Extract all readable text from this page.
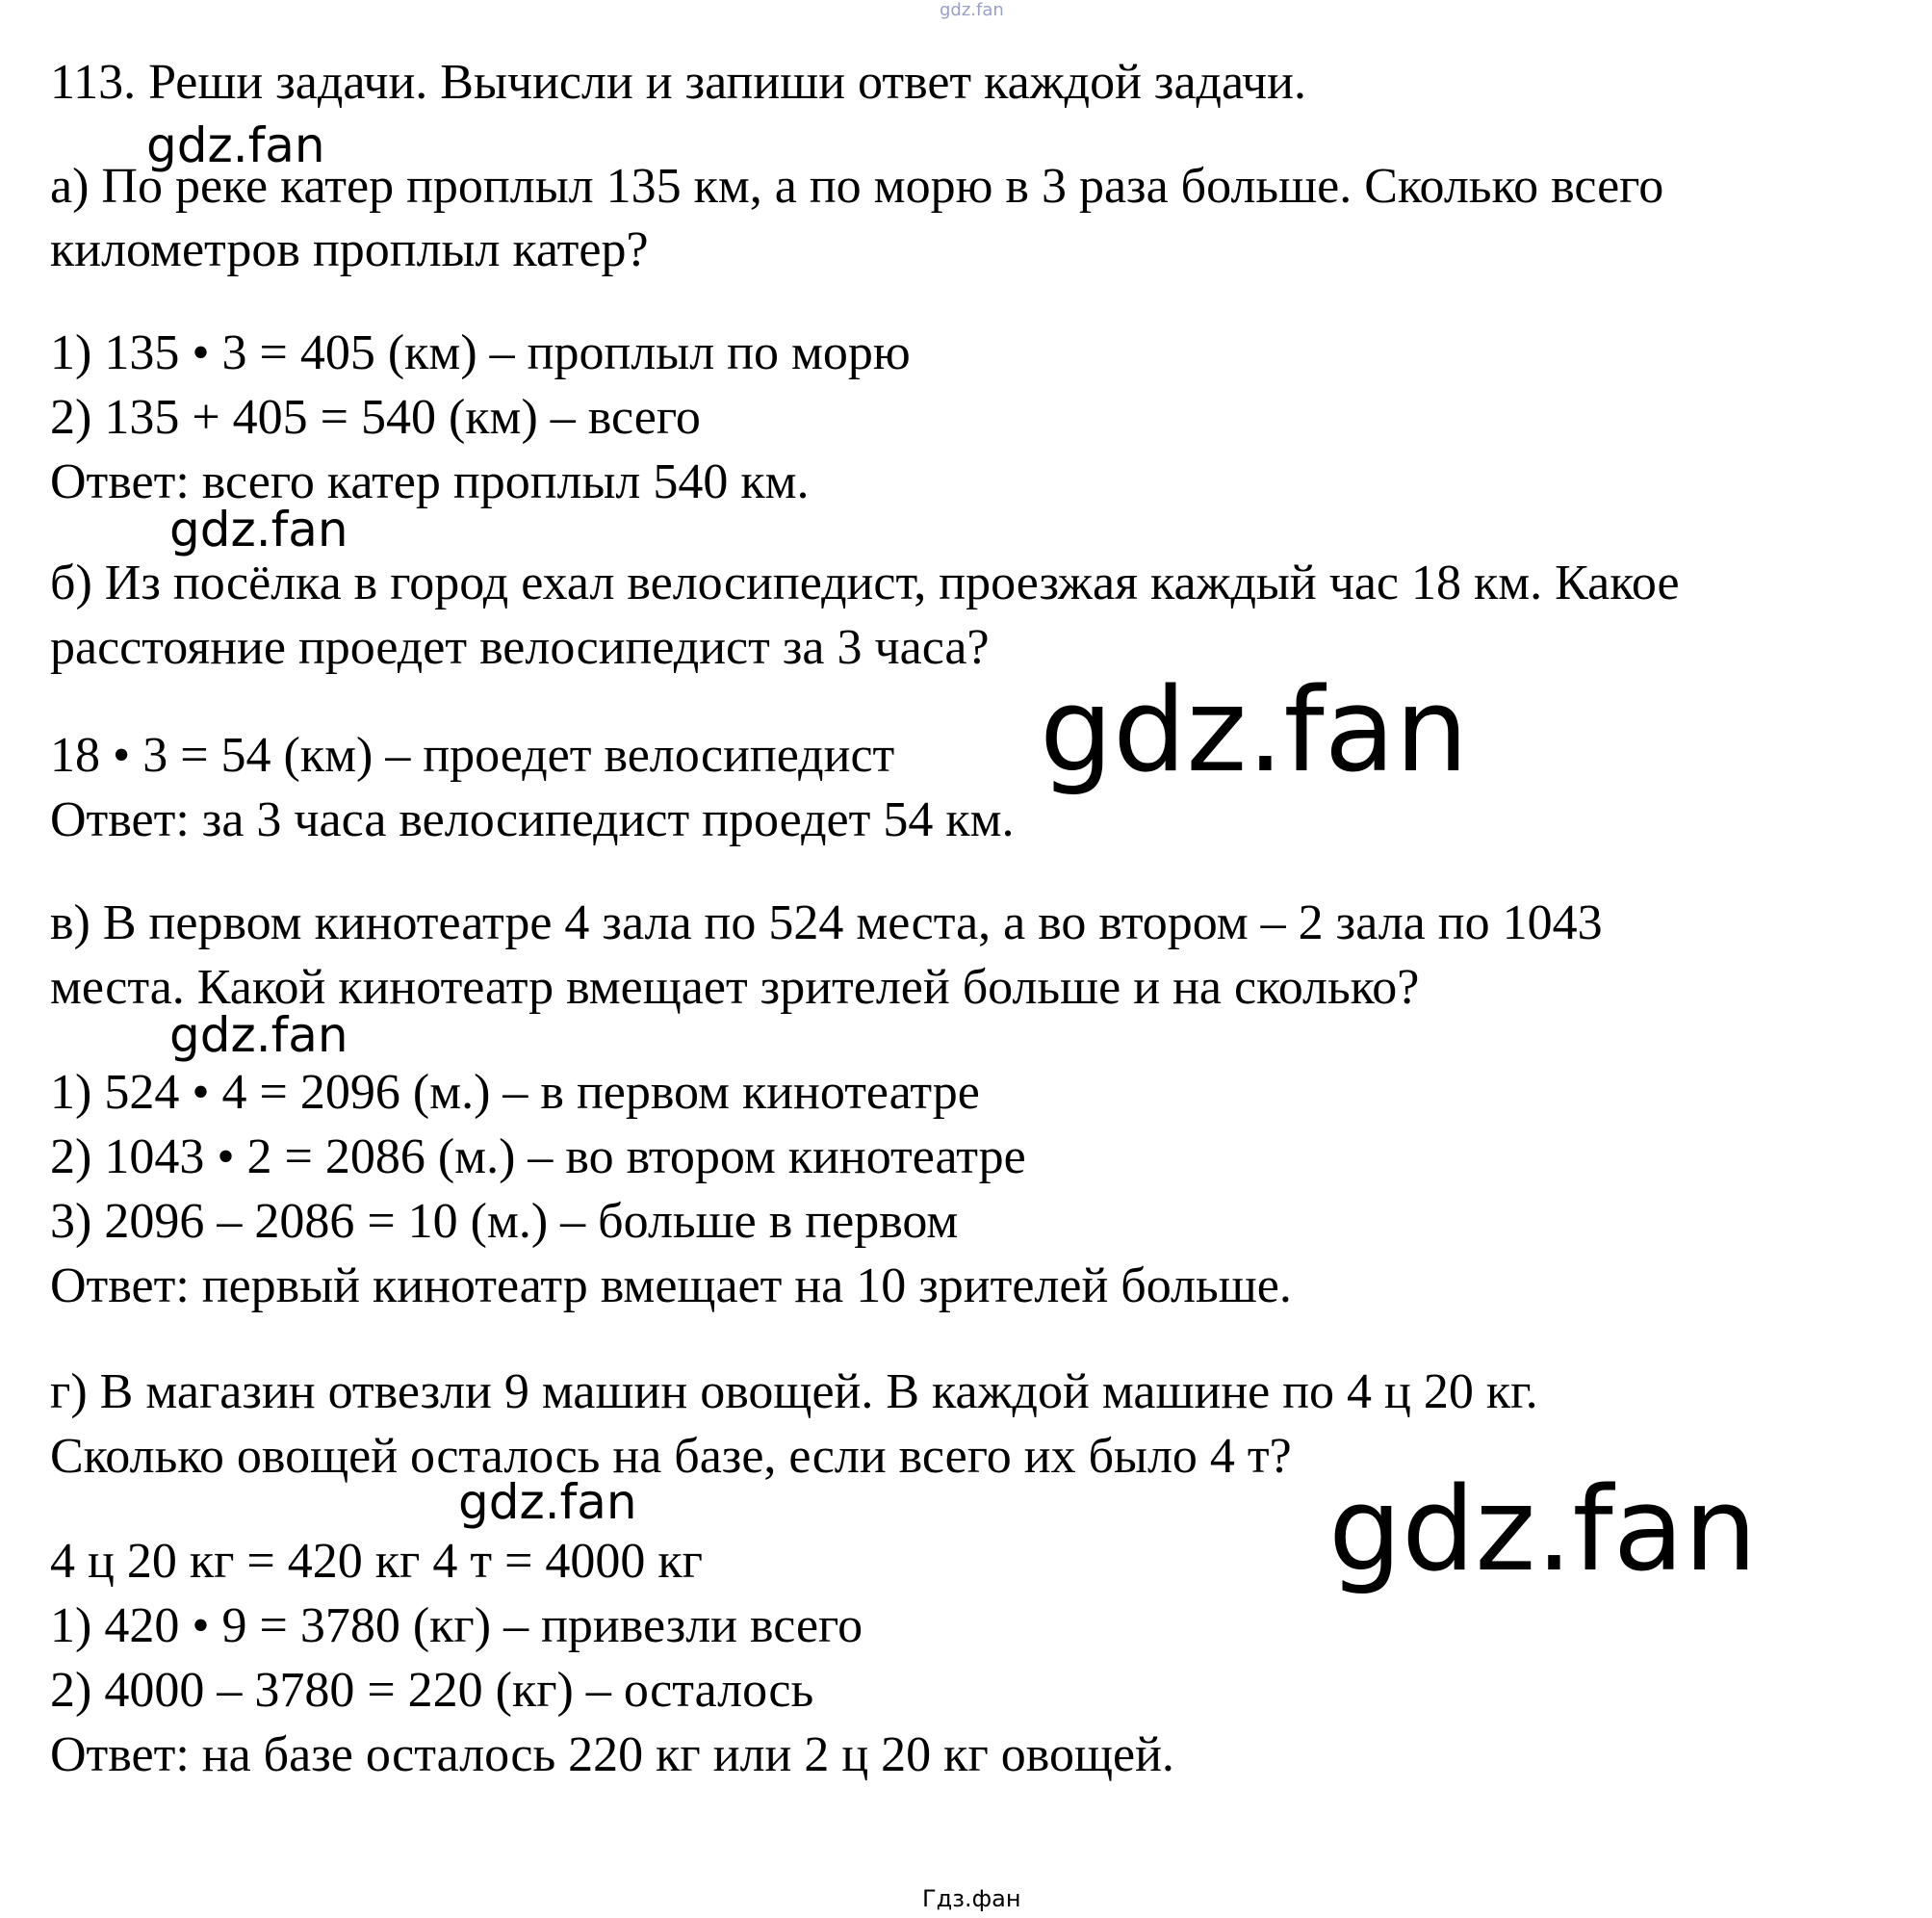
gdz.fan
113. Реши задачи. Вычисли и запиши ответ каждой задачи.
а) По реке катер проплыл 135 км, а по морю в 3 раза больше. Сколько всего
километров проплыл катер?
1) 135 • 3 = 405 (км) – проплыл по морю
2) 135 + 405 = 540 (км) – всего
Ответ: всего катер проплыл 540 км.
б) Из посёлка в город ехал велосипедист, проезжая каждый час 18 км. Какое
расстояние проедет велосипедист за 3 часа?
18 • 3 = 54 (км) – проедет велосипедист
Ответ: за 3 часа велосипедист проедет 54 км.
в) В первом кинотеатре 4 зала по 524 места, а во втором – 2 зала по 1043
места. Какой кинотеатр вмещает зрителей больше и на сколько?
1) 524 • 4 = 2096 (м.) – в первом кинотеатре
2) 1043 • 2 = 2086 (м.) – во втором кинотеатре
3) 2096 – 2086 = 10 (м.) – больше в первом
Ответ: первый кинотеатр вмещает на 10 зрителей больше.
г) В магазин отвезли 9 машин овощей. В каждой машине по 4 ц 20 кг.
Сколько овощей осталось на базе, если всего их было 4 т?
4 ц 20 кг = 420 кг 4 т = 4000 кг
1) 420 • 9 = 3780 (кг) – привезли всего
2) 4000 – 3780 = 220 (кг) – осталось
Ответ: на базе осталось 220 кг или 2 ц 20 кг овощей.
gdz.fan
gdz.fan
gdz.fan
gdz.fan
gdz.fan	gdz.fan
Гдз.фан
